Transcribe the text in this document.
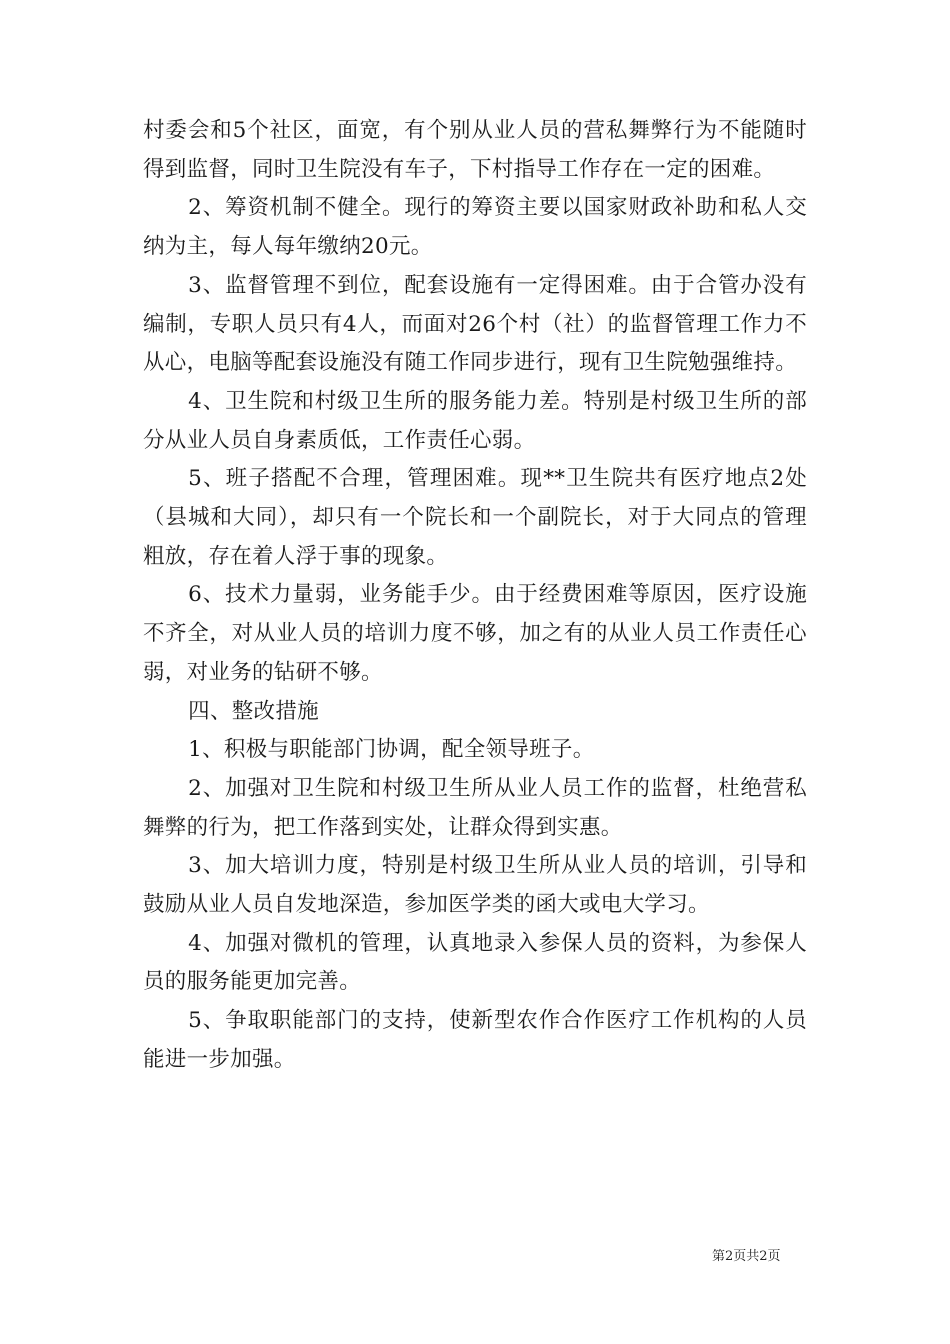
村委会和5个社区，面宽，有个别从业人员的营私舞弊行为不能随时得到监督，同时卫生院没有车子，下村指导工作存在一定的困难。

2、筹资机制不健全。现行的筹资主要以国家财政补助和私人交纳为主，每人每年缴纳20元。

3、监督管理不到位，配套设施有一定得困难。由于合管办没有编制，专职人员只有4人，而面对26个村（社）的监督管理工作力不从心，电脑等配套设施没有随工作同步进行，现有卫生院勉强维持。

4、卫生院和村级卫生所的服务能力差。特别是村级卫生所的部分从业人员自身素质低，工作责任心弱。

5、班子搭配不合理，管理困难。现**卫生院共有医疗地点2处（县城和大同），却只有一个院长和一个副院长，对于大同点的管理粗放，存在着人浮于事的现象。

6、技术力量弱，业务能手少。由于经费困难等原因，医疗设施不齐全，对从业人员的培训力度不够，加之有的从业人员工作责任心弱，对业务的钻研不够。

四、整改措施

1、积极与职能部门协调，配全领导班子。

2、加强对卫生院和村级卫生所从业人员工作的监督，杜绝营私舞弊的行为，把工作落到实处，让群众得到实惠。

3、加大培训力度，特别是村级卫生所从业人员的培训，引导和鼓励从业人员自发地深造，参加医学类的函大或电大学习。

4、加强对微机的管理，认真地录入参保人员的资料，为参保人员的服务能更加完善。

5、争取职能部门的支持，使新型农作合作医疗工作机构的人员能进一步加强。

第2页共2页
